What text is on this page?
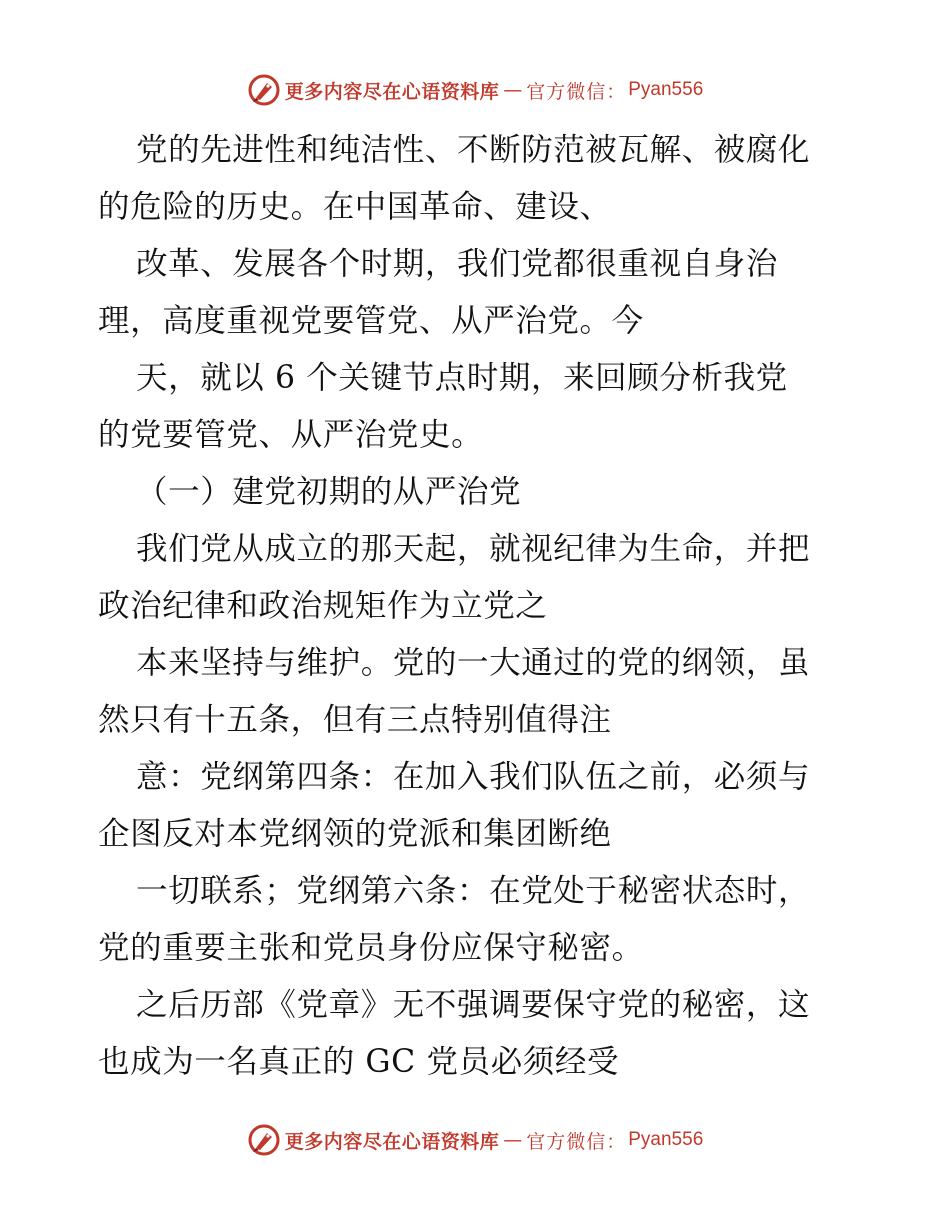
更多内容尽在心语资料库 — 官方微信： Pyan556
党的先进性和纯洁性、不断防范被瓦解、被腐化
的危险的历史。在中国革命、建设、
改革、发展各个时期，我们党都很重视自身治
理，高度重视党要管党、从严治党。今
天，就以 6 个关键节点时期，来回顾分析我党
的党要管党、从严治党史。
（一）建党初期的从严治党
我们党从成立的那天起，就视纪律为生命，并把
政治纪律和政治规矩作为立党之
本来坚持与维护。党的一大通过的党的纲领，虽
然只有十五条，但有三点特别值得注
意：党纲第四条：在加入我们队伍之前，必须与
企图反对本党纲领的党派和集团断绝
一切联系；党纲第六条：在党处于秘密状态时，
党的重要主张和党员身份应保守秘密。
之后历部《党章》无不强调要保守党的秘密，这
也成为一名真正的 GC 党员必须经受
更多内容尽在心语资料库 — 官方微信： Pyan556
